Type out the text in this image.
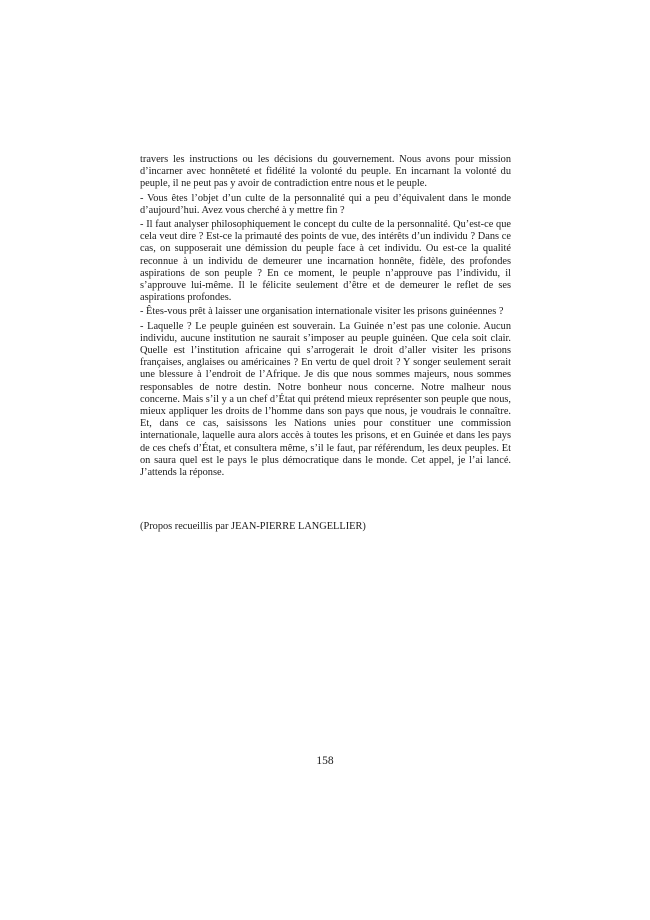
travers les instructions ou les décisions du gouvernement. Nous avons pour mission d’incarner avec honnêteté et fidélité la volonté du peuple. En incarnant la volonté du peuple, il ne peut pas y avoir de contradiction entre nous et le peuple.

- Vous êtes l’objet d’un culte de la personnalité qui a peu d’équivalent dans le monde d’aujourd’hui. Avez vous cherché à y mettre fin ?

- Il faut analyser philosophiquement le concept du culte de la personnalité. Qu’est-ce que cela veut dire ? Est-ce la primauté des points de vue, des intérêts d’un individu ? Dans ce cas, on supposerait une démission du peuple face à cet individu. Ou est-ce la qualité reconnue à un individu de demeurer une incarnation honnête, fidèle, des profondes aspirations de son peuple ? En ce moment, le peuple n’approuve pas l’individu, il s’approuve lui-même. Il le félicite seulement d’être et de demeurer le reflet de ses aspirations profondes.

- Êtes-vous prêt à laisser une organisation internationale visiter les prisons guinéennes ?

- Laquelle ? Le peuple guinéen est souverain. La Guinée n’est pas une colonie. Aucun individu, aucune institution ne saurait s’imposer au peuple guinéen. Que cela soit clair. Quelle est l’institution africaine qui s’arrogerait le droit d’aller visiter les prisons françaises, anglaises ou américaines ? En vertu de quel droit ? Y songer seulement serait une blessure à l’endroit de l’Afrique. Je dis que nous sommes majeurs, nous sommes responsables de notre destin. Notre bonheur nous concerne. Notre malheur nous concerne. Mais s’il y a un chef d’État qui prétend mieux représenter son peuple que nous, mieux appliquer les droits de l’homme dans son pays que nous, je voudrais le connaître. Et, dans ce cas, saisissons les Nations unies pour constituer une commission internationale, laquelle aura alors accès à toutes les prisons, et en Guinée et dans les pays de ces chefs d’État, et consultera même, s’il le faut, par référendum, les deux peuples. Et on saura quel est le pays le plus démocratique dans le monde. Cet appel, je l’ai lancé. J’attends la réponse.

(Propos recueillis par JEAN-PIERRE LANGELLIER)
158
